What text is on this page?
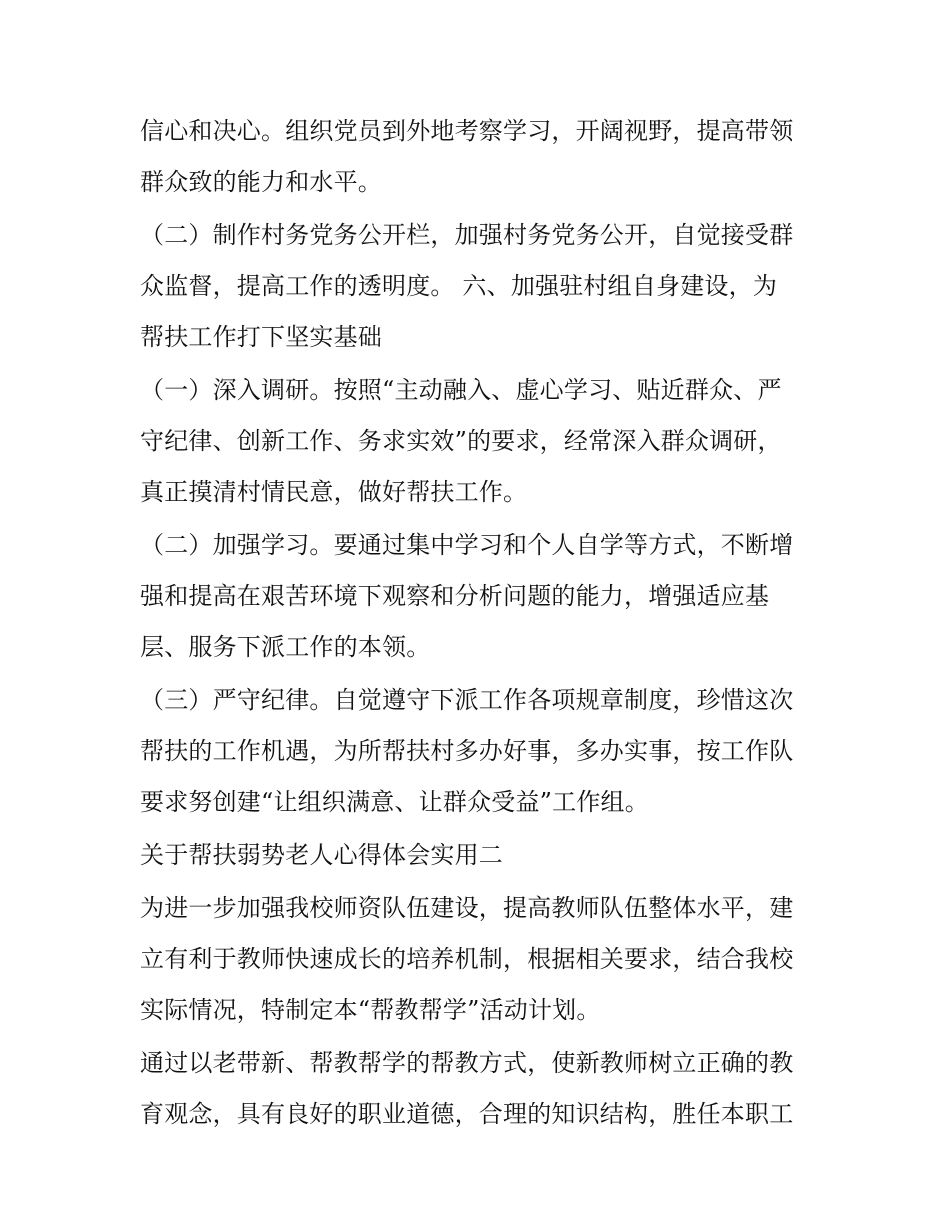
信心和决心。组织党员到外地考察学习，开阔视野，提高带领
群众致的能力和水平。
（二）制作村务党务公开栏，加强村务党务公开，自觉接受群
众监督，提高工作的透明度。 六、加强驻村组自身建设，为
帮扶工作打下坚实基础
（一）深入调研。按照“主动融入、虚心学习、贴近群众、严
守纪律、创新工作、务求实效”的要求，经常深入群众调研，
真正摸清村情民意，做好帮扶工作。
（二）加强学习。要通过集中学习和个人自学等方式，不断增
强和提高在艰苦环境下观察和分析问题的能力，增强适应基
层、服务下派工作的本领。
（三）严守纪律。自觉遵守下派工作各项规章制度，珍惜这次
帮扶的工作机遇，为所帮扶村多办好事，多办实事，按工作队
要求努创建“让组织满意、让群众受益”工作组。
关于帮扶弱势老人心得体会实用二
为进一步加强我校师资队伍建设，提高教师队伍整体水平，建
立有利于教师快速成长的培养机制，根据相关要求，结合我校
实际情况，特制定本“帮教帮学”活动计划。
通过以老带新、帮教帮学的帮教方式，使新教师树立正确的教
育观念，具有良好的职业道德，合理的知识结构，胜任本职工
